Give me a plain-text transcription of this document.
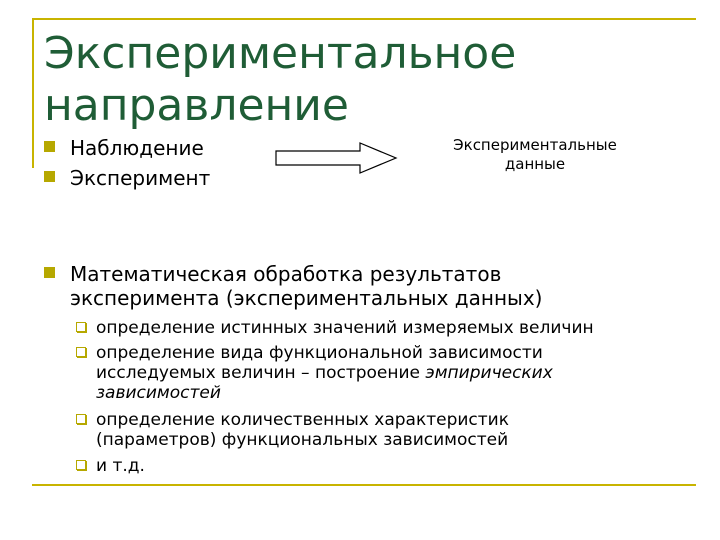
Экспериментальное направление
Наблюдение
Эксперимент
Экспериментальные данные
Математическая обработка результатов эксперимента (экспериментальных данных)
определение истинных значений измеряемых величин
определение вида функциональной зависимости исследуемых величин – построение эмпирических зависимостей
определение количественных характеристик (параметров) функциональных зависимостей
и т.д.
